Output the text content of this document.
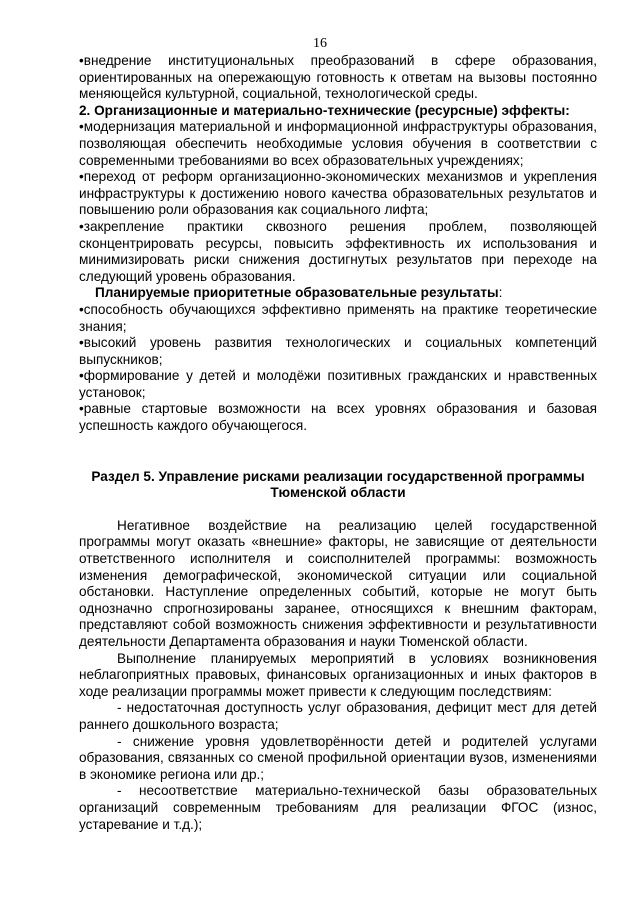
16

•внедрение институциональных преобразований в сфере образования, ориентированных на опережающую готовность к ответам на вызовы постоянно меняющейся культурной, социальной, технологической среды.

2. Организационные и материально-технические (ресурсные) эффекты:

•модернизация материальной и информационной инфраструктуры образования, позволяющая обеспечить необходимые условия обучения в соответствии с современными требованиями во всех образовательных учреждениях;

•переход от реформ организационно-экономических механизмов и укрепления инфраструктуры к достижению нового качества образовательных результатов и повышению роли образования как социального лифта;

•закрепление практики сквозного решения проблем, позволяющей сконцентрировать ресурсы, повысить эффективность их использования и минимизировать риски снижения достигнутых результатов при переходе на следующий уровень образования.

Планируемые приоритетные образовательные результаты:

•способность обучающихся эффективно применять на практике теоретические знания;

•высокий уровень развития технологических и социальных компетенций выпускников;

•формирование у детей и молодёжи позитивных гражданских и нравственных установок;

•равные стартовые возможности на всех уровнях образования и базовая успешность каждого обучающегося.

Раздел 5. Управление рисками реализации государственной программы

Тюменской области

Негативное воздействие на реализацию целей государственной программы могут оказать «внешние» факторы, не зависящие от деятельности ответственного исполнителя и соисполнителей программы: возможность изменения демографической, экономической ситуации или социальной обстановки. Наступление определенных событий, которые не могут быть однозначно спрогнозированы заранее, относящихся к внешним факторам, представляют собой возможность снижения эффективности и результативности деятельности Департамента образования и науки Тюменской области.

Выполнение планируемых мероприятий в условиях возникновения неблагоприятных правовых, финансовых организационных и иных факторов в ходе реализации программы может привести к следующим последствиям:

- недостаточная доступность услуг образования, дефицит мест для детей раннего дошкольного возраста;

- снижение уровня удовлетворённости детей и родителей услугами образования, связанных со сменой профильной ориентации вузов, изменениями в экономике региона или др.;

- несоответствие материально-технической базы образовательных организаций современным требованиям для реализации ФГОС (износ, устаревание и т.д.);
